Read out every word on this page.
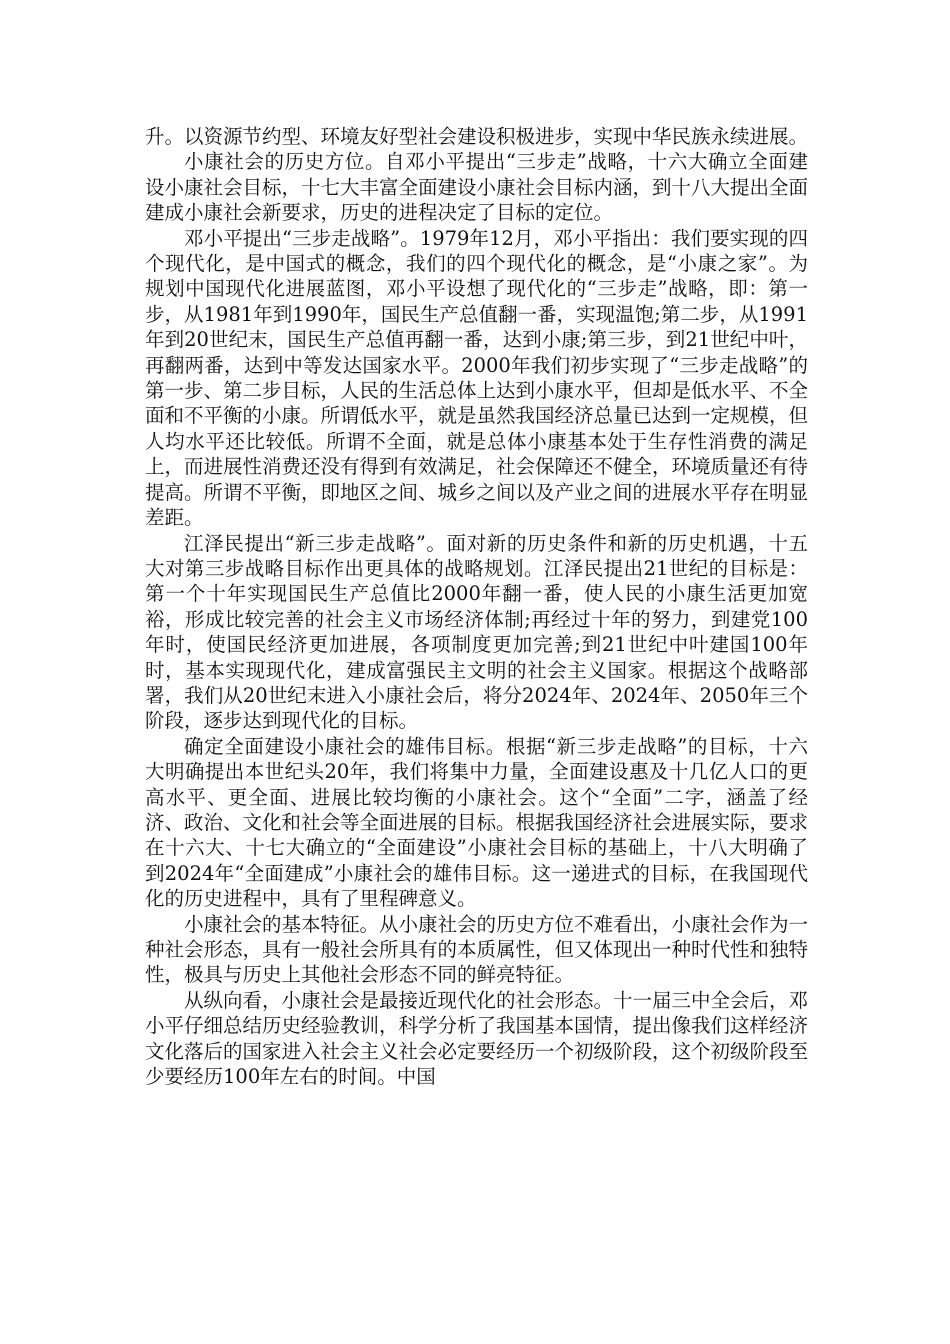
升。以资源节约型、环境友好型社会建设积极进步，实现中华民族永续进展。

小康社会的历史方位。自邓小平提出“三步走”战略，十六大确立全面建设小康社会目标，十七大丰富全面建设小康社会目标内涵，到十八大提出全面建成小康社会新要求，历史的进程决定了目标的定位。

邓小平提出“三步走战略”。1979年12月，邓小平指出：我们要实现的四个现代化，是中国式的概念，我们的四个现代化的概念，是“小康之家”。为规划中国现代化进展蓝图，邓小平设想了现代化的“三步走”战略，即：第一步，从1981年到1990年，国民生产总值翻一番，实现温饱;第二步，从1991年到20世纪末，国民生产总值再翻一番，达到小康;第三步，到21世纪中叶，再翻两番，达到中等发达国家水平。2000年我们初步实现了“三步走战略”的第一步、第二步目标，人民的生活总体上达到小康水平，但却是低水平、不全面和不平衡的小康。所谓低水平，就是虽然我国经济总量已达到一定规模，但人均水平还比较低。所谓不全面，就是总体小康基本处于生存性消费的满足上，而进展性消费还没有得到有效满足，社会保障还不健全，环境质量还有待提高。所谓不平衡，即地区之间、城乡之间以及产业之间的进展水平存在明显差距。

江泽民提出“新三步走战略”。面对新的历史条件和新的历史机遇，十五大对第三步战略目标作出更具体的战略规划。江泽民提出21世纪的目标是：第一个十年实现国民生产总值比2000年翻一番，使人民的小康生活更加宽裕，形成比较完善的社会主义市场经济体制;再经过十年的努力，到建党100年时，使国民经济更加进展，各项制度更加完善;到21世纪中叶建国100年时，基本实现现代化，建成富强民主文明的社会主义国家。根据这个战略部署，我们从20世纪末进入小康社会后，将分2024年、2024年、2050年三个阶段，逐步达到现代化的目标。

确定全面建设小康社会的雄伟目标。根据“新三步走战略”的目标，十六大明确提出本世纪头20年，我们将集中力量，全面建设惠及十几亿人口的更高水平、更全面、进展比较均衡的小康社会。这个“全面”二字，涵盖了经济、政治、文化和社会等全面进展的目标。根据我国经济社会进展实际，要求在十六大、十七大确立的“全面建设”小康社会目标的基础上，十八大明确了到2024年“全面建成”小康社会的雄伟目标。这一递进式的目标，在我国现代化的历史进程中，具有了里程碑意义。

小康社会的基本特征。从小康社会的历史方位不难看出，小康社会作为一种社会形态，具有一般社会所具有的本质属性，但又体现出一种时代性和独特性，极具与历史上其他社会形态不同的鲜亮特征。

从纵向看，小康社会是最接近现代化的社会形态。十一届三中全会后，邓小平仔细总结历史经验教训，科学分析了我国基本国情，提出像我们这样经济文化落后的国家进入社会主义社会必定要经历一个初级阶段，这个初级阶段至少要经历100年左右的时间。中国
